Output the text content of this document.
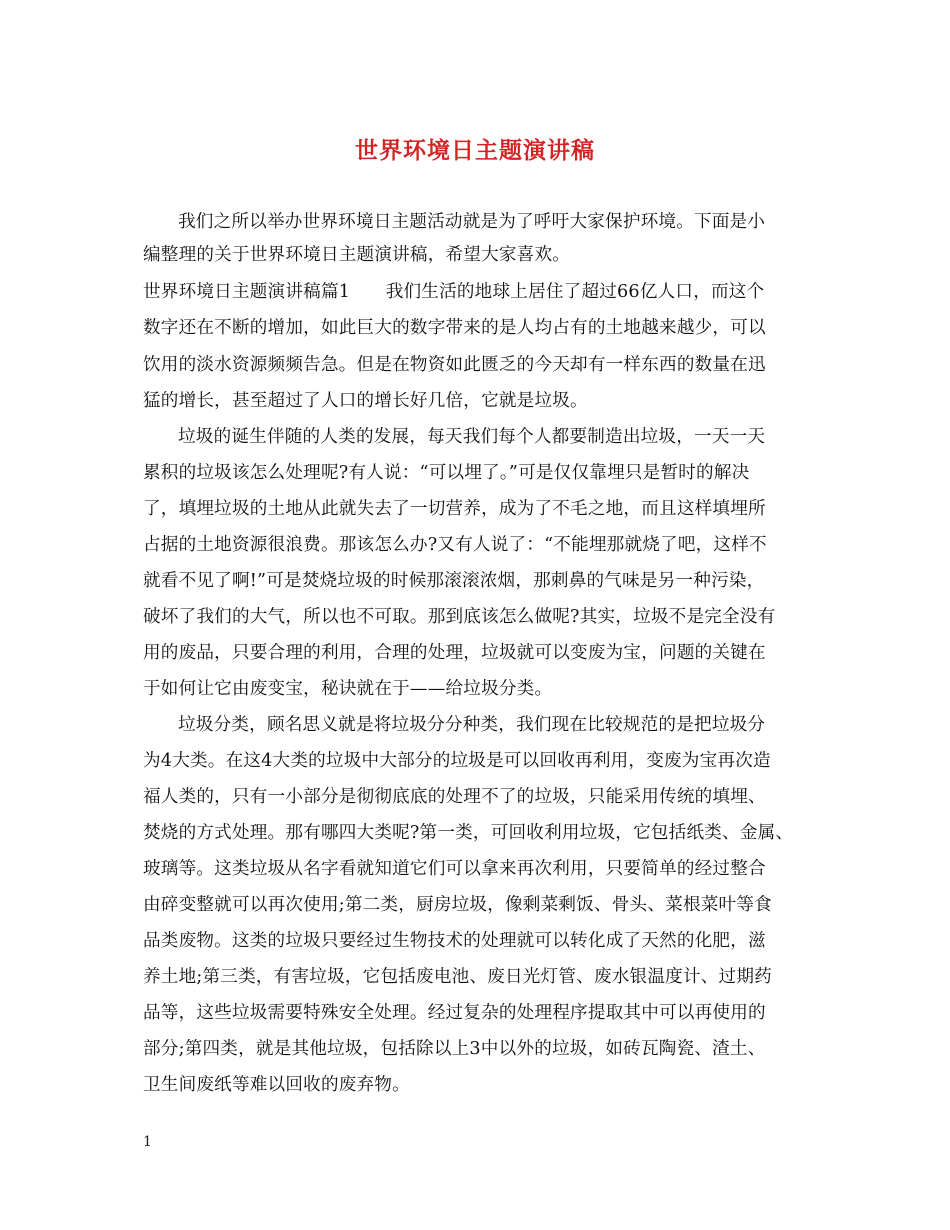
世界环境日主题演讲稿
我们之所以举办世界环境日主题活动就是为了呼吁大家保护环境。下面是小
编整理的关于世界环境日主题演讲稿，希望大家喜欢。
世界环境日主题演讲稿篇1　　我们生活的地球上居住了超过66亿人口，而这个
数字还在不断的增加，如此巨大的数字带来的是人均占有的土地越来越少，可以
饮用的淡水资源频频告急。但是在物资如此匮乏的今天却有一样东西的数量在迅
猛的增长，甚至超过了人口的增长好几倍，它就是垃圾。
垃圾的诞生伴随的人类的发展，每天我们每个人都要制造出垃圾，一天一天
累积的垃圾该怎么处理呢?有人说：“可以埋了。”可是仅仅靠埋只是暂时的解决
了，填埋垃圾的土地从此就失去了一切营养，成为了不毛之地，而且这样填埋所
占据的土地资源很浪费。那该怎么办?又有人说了：“不能埋那就烧了吧，这样不
就看不见了啊!”可是焚烧垃圾的时候那滚滚浓烟，那刺鼻的气味是另一种污染，
破坏了我们的大气，所以也不可取。那到底该怎么做呢?其实，垃圾不是完全没有
用的废品，只要合理的利用，合理的处理，垃圾就可以变废为宝，问题的关键在
于如何让它由废变宝，秘诀就在于——给垃圾分类。
垃圾分类，顾名思义就是将垃圾分分种类，我们现在比较规范的是把垃圾分
为4大类。在这4大类的垃圾中大部分的垃圾是可以回收再利用，变废为宝再次造
福人类的，只有一小部分是彻彻底底的处理不了的垃圾，只能采用传统的填埋、
焚烧的方式处理。那有哪四大类呢?第一类，可回收利用垃圾，它包括纸类、金属、
玻璃等。这类垃圾从名字看就知道它们可以拿来再次利用，只要简单的经过整合
由碎变整就可以再次使用;第二类，厨房垃圾，像剩菜剩饭、骨头、菜根菜叶等食
品类废物。这类的垃圾只要经过生物技术的处理就可以转化成了天然的化肥，滋
养土地;第三类，有害垃圾，它包括废电池、废日光灯管、废水银温度计、过期药
品等，这些垃圾需要特殊安全处理。经过复杂的处理程序提取其中可以再使用的
部分;第四类，就是其他垃圾，包括除以上3中以外的垃圾，如砖瓦陶瓷、渣土、
卫生间废纸等难以回收的废弃物。
1
